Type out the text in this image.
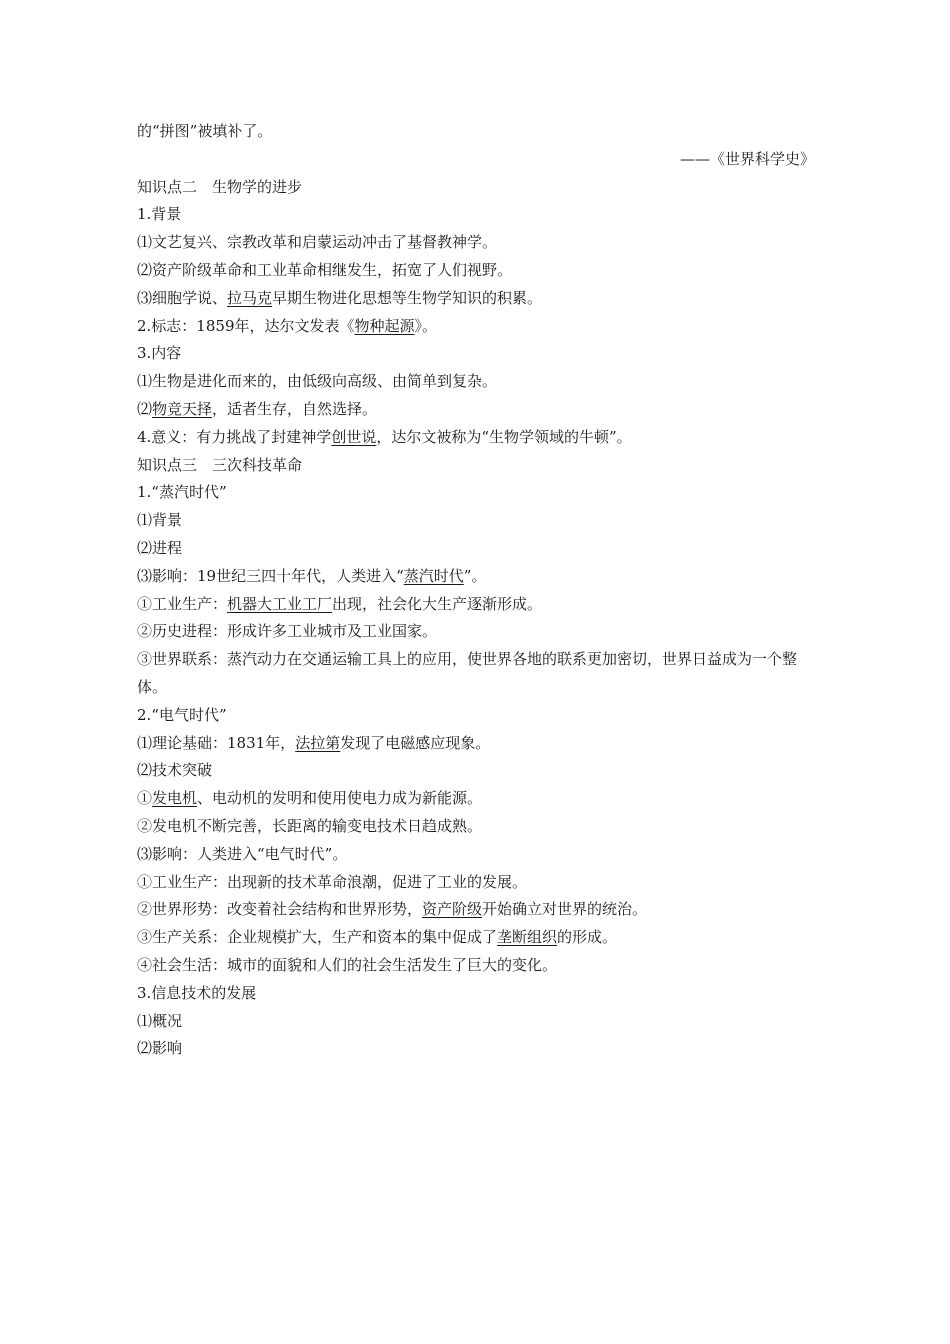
的“拼图”被填补了。
——《世界科学史》
知识点二　生物学的进步
1.背景
⑴文艺复兴、宗教改革和启蒙运动冲击了基督教神学。
⑵资产阶级革命和工业革命相继发生，拓宽了人们视野。
⑶细胞学说、拉马克早期生物进化思想等生物学知识的积累。
2.标志：1859年，达尔文发表《物种起源》。
3.内容
⑴生物是进化而来的，由低级向高级、由简单到复杂。
⑵物竞天择，适者生存，自然选择。
4.意义：有力挑战了封建神学创世说，达尔文被称为“生物学领域的牛顿”。
知识点三　三次科技革命
1.“蒸汽时代”
⑴背景
⑵进程
⑶影响：19世纪三四十年代，人类进入“蒸汽时代”。
①工业生产：机器大工业工厂出现，社会化大生产逐渐形成。
②历史进程：形成许多工业城市及工业国家。
③世界联系：蒸汽动力在交通运输工具上的应用，使世界各地的联系更加密切，世界日益成为一个整体。
2.“电气时代”
⑴理论基础：1831年，法拉第发现了电磁感应现象。
⑵技术突破
①发电机、电动机的发明和使用使电力成为新能源。
②发电机不断完善，长距离的输变电技术日趋成熟。
⑶影响：人类进入“电气时代”。
①工业生产：出现新的技术革命浪潮，促进了工业的发展。
②世界形势：改变着社会结构和世界形势，资产阶级开始确立对世界的统治。
③生产关系：企业规模扩大，生产和资本的集中促成了垄断组织的形成。
④社会生活：城市的面貌和人们的社会生活发生了巨大的变化。
3.信息技术的发展
⑴概况
⑵影响
